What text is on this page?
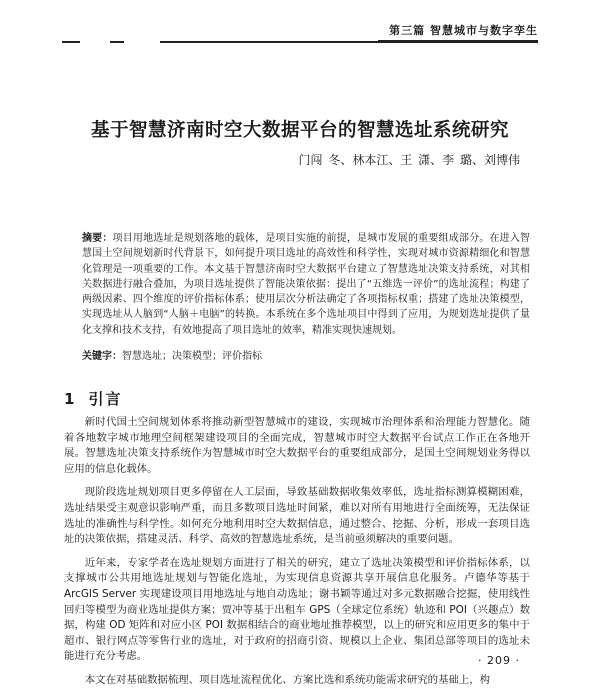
第三篇 智慧城市与数字孪生
基于智慧济南时空大数据平台的智慧选址系统研究
门闯 冬、林本江、王 潇、李 璐、刘博伟
摘要：项目用地选址是规划落地的载体，是项目实施的前提，是城市发展的重要组成部分。在进入智慧国土空间规划新时代背景下，如何提升项目选址的高效性和科学性，实现对城市资源精细化和智慧化管理是一项重要的工作。本文基于智慧济南时空大数据平台建立了智慧选址决策支持系统，对其相关数据进行融合叠加，为项目选址提供了智能决策依据：提出了“五维选一评价”的选址流程；构建了两级因素、四个维度的评价指标体系；使用层次分析法确定了各项指标权重；搭建了选址决策模型，实现选址从人脑到“人脑＋电脑”的转换。本系统在多个选址项目中得到了应用，为规划选址提供了量化支撑和技术支持，有效地提高了项目选址的效率，精准实现快速规划。
关键字：智慧选址；决策模型；评价指标
1 引言

新时代国土空间规划体系将推动新型智慧城市的建设，实现城市治理体系和治理能力智慧化。随着各地数字城市地理空间框架建设项目的全面完成，智慧城市时空大数据平台试点工作正在各地开展。智慧选址决策支持系统作为智慧城市时空大数据平台的重要组成部分，是国土空间规划业务得以应用的信息化载体。

现阶段选址规划项目更多停留在人工层面，导致基础数据收集效率低，选址指标测算模糊困难，选址结果受主观意识影响严重，而且多数项目选址时间紧，难以对所有用地进行全面统筹，无法保证选址的准确性与科学性。如何充分地利用时空大数据信息，通过整合、挖掘、分析，形成一套项目选址的决策依据，搭建灵活、科学、高效的智慧选址系统，是当前亟须解决的重要问题。

近年来，专家学者在选址规划方面进行了相关的研究，建立了选址决策模型和评价指标体系，以支撑城市公共用地选址规划与智能化选址，为实现信息资源共享开展信息化服务。卢德华等基于 ArcGIS Server 实现建设项目用地选址与地自动选址；谢书颖等通过对多元数据融合挖掘，使用线性回归等模型为商业选址提供方案；贾冲等基于出租车 GPS（全球定位系统）轨迹和 POI（兴趣点）数据，构建 OD 矩阵和对应小区 POI 数据相结合的商业地址推荐模型，以上的研究和应用更多的集中于超市、银行网点等零售行业的选址，对于政府的招商引资、规模以上企业、集团总部等项目的选址未能进行充分考虑。

本文在对基础数据梳理、项目选址流程优化、方案比选和系统功能需求研究的基础上，构

· 209 ·
